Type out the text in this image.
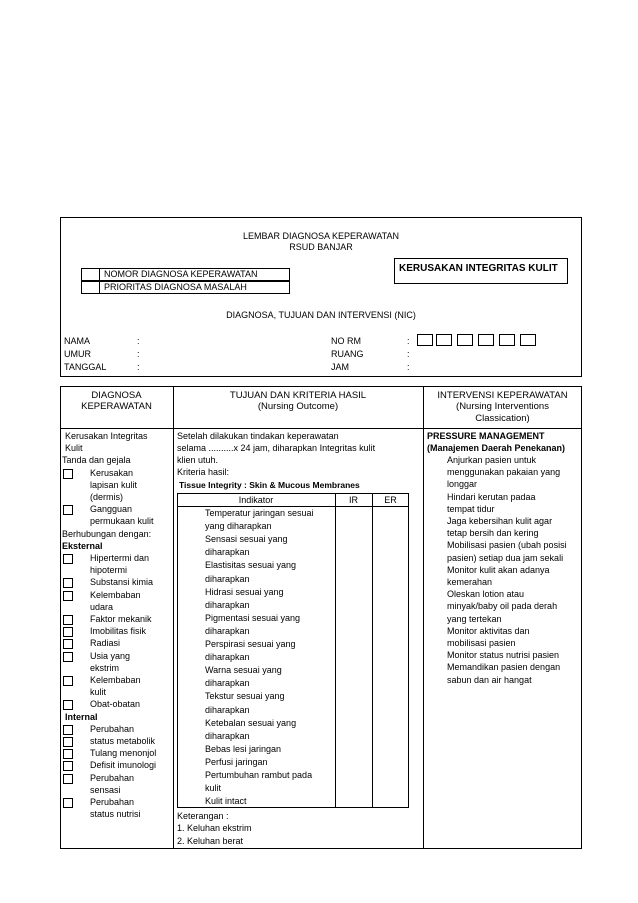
LEMBAR DIAGNOSA KEPERAWATAN
RSUD BANJAR
KERUSAKAN INTEGRITAS KULIT
NOMOR DIAGNOSA KEPERAWATAN
PRIORITAS DIAGNOSA MASALAH
DIAGNOSA, TUJUAN DAN INTERVENSI (NIC)
NAMA
UMUR
TANGGAL
:
:
:
NO RM
RUANG
JAM
:
:
:
DIAGNOSA
KEPERAWATAN
TUJUAN DAN KRITERIA HASIL
(Nursing Outcome)
INTERVENSI KEPERAWATAN
(Nursing Interventions
Classication)
Setelah dilakukan tindakan keperawatan
selama ..........x 24 jam, diharapkan Integritas kulit
klien utuh.
Kriteria hasil:
Tissue Integrity : Skin & Mucous Membranes
Indikator	IR	ER
Keterangan :
1. Keluhan ekstrim
2. Keluhan berat
PRESSURE MANAGEMENT
(Manajemen Daerah Penekanan)
Kerusakan Integritas
Kulit
Tanda dan gejala
Kerusakan
lapisan kulit
(dermis)
Gangguan
permukaan kulit
Berhubungan dengan:
Eksternal
Hipertermi dan
hipotermi
Substansi kimia
Kelembaban
udara
Faktor mekanik
Imobilitas fisik
Radiasi
Usia yang
ekstrim
Kelembaban
kulit
Obat-obatan
Internal
Perubahan
status metabolik
Tulang menonjol
Defisit imunologi
Perubahan
sensasi
Perubahan
status nutrisi
Temperatur jaringan sesuai
yang diharapkan
Sensasi sesuai yang
diharapkan
Elastisitas sesuai yang
diharapkan
Hidrasi sesuai yang
diharapkan
Pigmentasi sesuai yang
diharapkan
Perspirasi sesuai yang
diharapkan
Warna sesuai yang
diharapkan
Tekstur sesuai yang
diharapkan
Ketebalan sesuai yang
diharapkan
Bebas lesi jaringan
Perfusi jaringan
Pertumbuhan rambut pada
kulit
Kulit intact
Anjurkan pasien untuk
menggunakan pakaian yang
longgar
Hindari kerutan padaa
tempat tidur
Jaga kebersihan kulit agar
tetap bersih dan kering
Mobilisasi pasien (ubah posisi
pasien) setiap dua jam sekali
Monitor kulit akan adanya
kemerahan
Oleskan lotion atau
minyak/baby oil pada derah
yang tertekan
Monitor aktivitas dan
mobilisasi pasien
Monitor status nutrisi pasien
Memandikan pasien dengan
sabun dan air hangat
